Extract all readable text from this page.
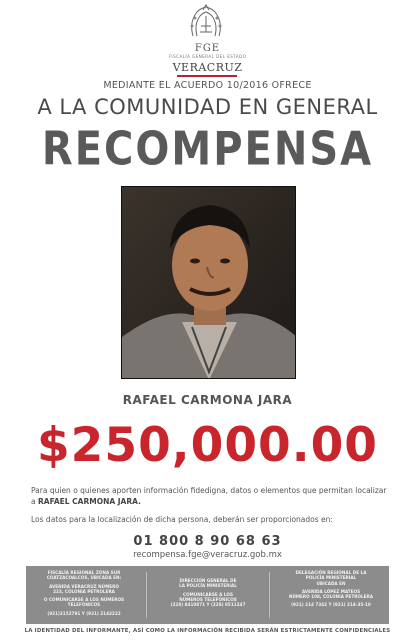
FGE
FISCALÍA GENERAL DEL ESTADO
VERACRUZ
MEDIANTE EL ACUERDO 10/2016 OFRECE
A LA COMUNIDAD EN GENERAL
RECOMPENSA
RAFAEL CARMONA JARA
$250,000.00
Para quien o quienes aporten información fidedigna, datos o elementos que permitan localizar a RAFAEL CARMONA JARA.
Los datos para la localización de dicha persona, deberán ser proporcionados en:
01 800 8 90 68 63
recompensa.fge@veracruz.gob.mx
FISCALÍA REGIONAL ZONA SUR
COATZACOALCOS, UBICADA EN:
AVENIDA VERACRUZ NÚMERO
223, COLONIA PETROLERA
O COMUNICARSE A LOS NÚMEROS
TELEFÓNICOS
(921)2152791 Y (921) 2143222
DIRECCIÓN GENERAL DE
LA POLICÍA MINISTERIAL
COMUNICARSE A LOS
NÚMEROS TELEFÓNICOS
(228) 8410871 Y (228) 8511247
DELEGACIÓN REGIONAL DE LA
POLICÍA MINISTERIAL
UBICADA EN
AVENIDA LÓPEZ MATEOS
NÚMERO 108, COLONIA PETROLERA
(921) 214 7342 Y (921) 214-35-10
LA IDENTIDAD DEL INFORMANTE, ASÍ COMO LA INFORMACIÓN RECIBIDA SERÁN ESTRICTAMENTE CONFIDENCIALES
